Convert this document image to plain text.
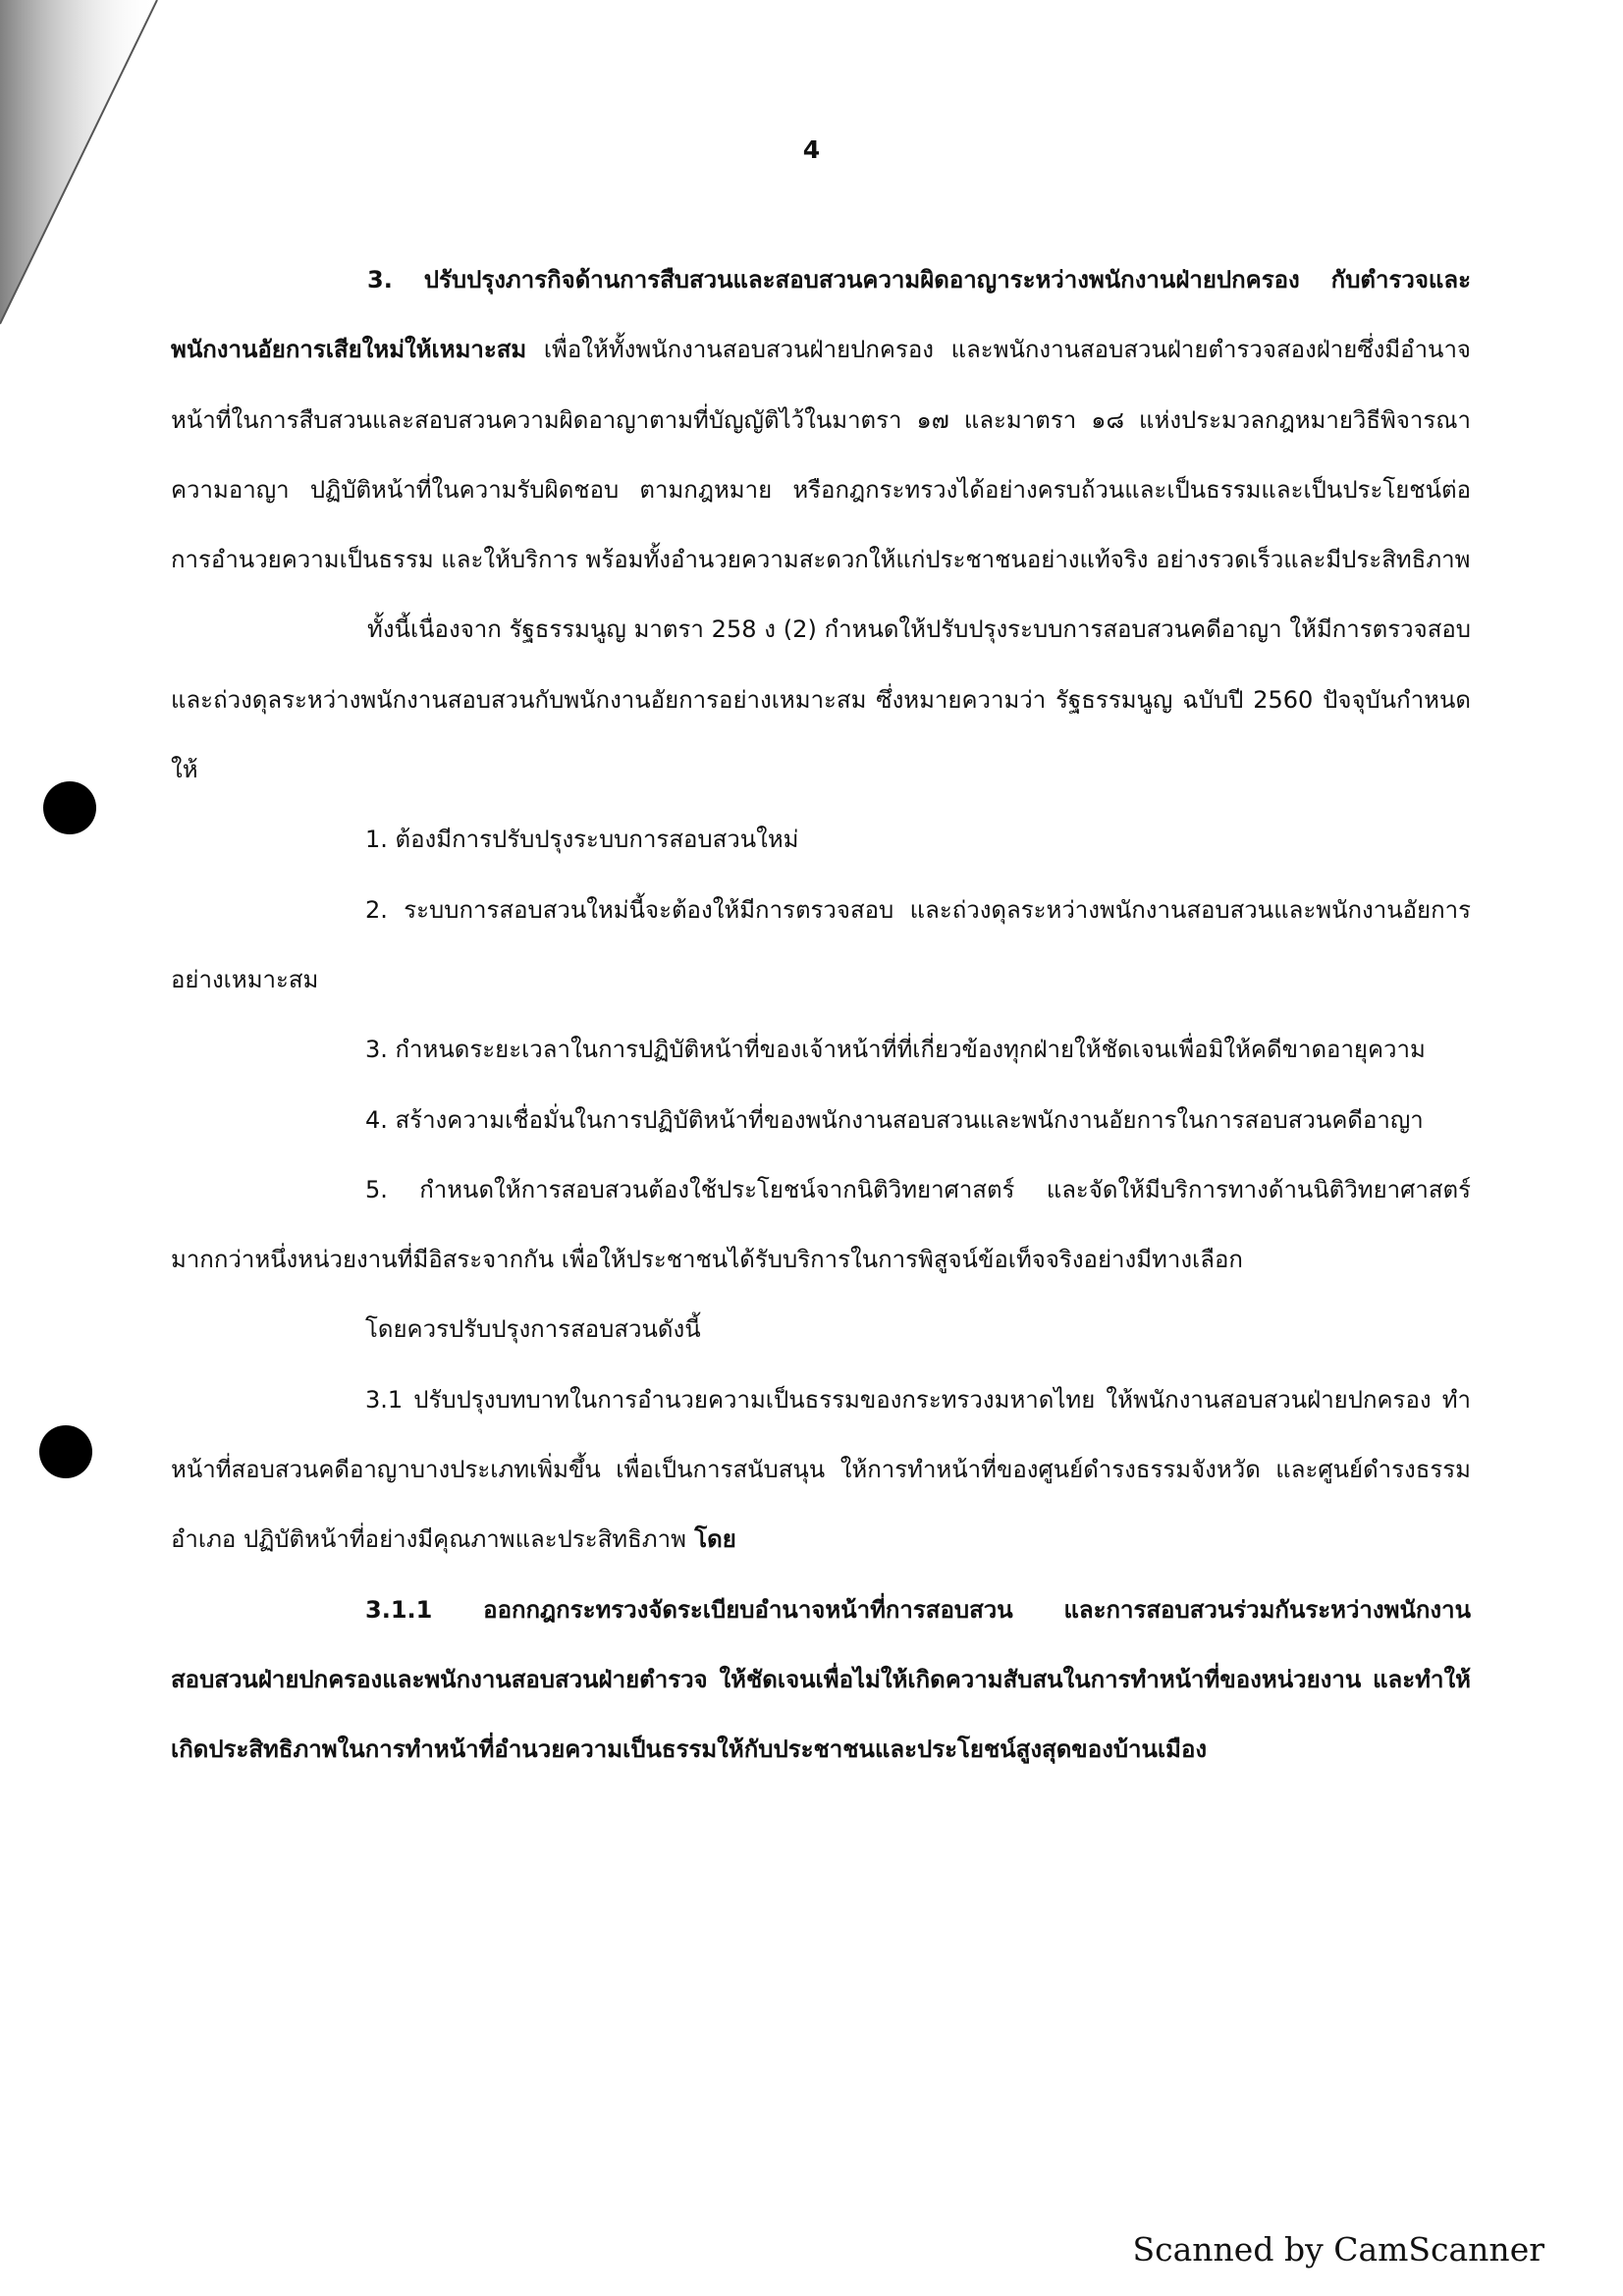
4

3. ปรับปรุงภารกิจด้านการสืบสวนและสอบสวนความผิดอาญาระหว่างพนักงานฝ่ายปกครอง กับตำรวจและพนักงานอัยการเสียใหม่ให้เหมาะสม เพื่อให้ทั้งพนักงานสอบสวนฝ่ายปกครอง และพนักงานสอบสวนฝ่ายตำรวจสองฝ่ายซึ่งมีอำนาจหน้าที่ในการสืบสวนและสอบสวนความผิดอาญาตามที่บัญญัติไว้ในมาตรา ๑๗ และมาตรา ๑๘ แห่งประมวลกฎหมายวิธีพิจารณาความอาญา ปฏิบัติหน้าที่ในความรับผิดชอบ ตามกฎหมาย หรือกฎกระทรวงได้อย่างครบถ้วนและเป็นธรรมและเป็นประโยชน์ต่อการอำนวยความเป็นธรรม และให้บริการ พร้อมทั้งอำนวยความสะดวกให้แก่ประชาชนอย่างแท้จริง อย่างรวดเร็วและมีประสิทธิภาพ

ทั้งนี้เนื่องจาก รัฐธรรมนูญ มาตรา 258 ง (2) กำหนดให้ปรับปรุงระบบการสอบสวนคดีอาญา ให้มีการตรวจสอบและถ่วงดุลระหว่างพนักงานสอบสวนกับพนักงานอัยการอย่างเหมาะสม ซึ่งหมายความว่า รัฐธรรมนูญ ฉบับปี 2560 ปัจจุบันกำหนดให้

1. ต้องมีการปรับปรุงระบบการสอบสวนใหม่

2. ระบบการสอบสวนใหม่นี้จะต้องให้มีการตรวจสอบ และถ่วงดุลระหว่างพนักงานสอบสวนและพนักงานอัยการอย่างเหมาะสม

3. กำหนดระยะเวลาในการปฏิบัติหน้าที่ของเจ้าหน้าที่ที่เกี่ยวข้องทุกฝ่ายให้ชัดเจนเพื่อมิให้คดีขาดอายุความ

4. สร้างความเชื่อมั่นในการปฏิบัติหน้าที่ของพนักงานสอบสวนและพนักงานอัยการในการสอบสวนคดีอาญา

5. กำหนดให้การสอบสวนต้องใช้ประโยชน์จากนิติวิทยาศาสตร์ และจัดให้มีบริการทางด้านนิติวิทยาศาสตร์ มากกว่าหนึ่งหน่วยงานที่มีอิสระจากกัน เพื่อให้ประชาชนได้รับบริการในการพิสูจน์ข้อเท็จจริงอย่างมีทางเลือก

โดยควรปรับปรุงการสอบสวนดังนี้

3.1 ปรับปรุงบทบาทในการอำนวยความเป็นธรรมของกระทรวงมหาดไทย ให้พนักงานสอบสวนฝ่ายปกครอง ทำหน้าที่สอบสวนคดีอาญาบางประเภทเพิ่มขึ้น เพื่อเป็นการสนับสนุน ให้การทำหน้าที่ของศูนย์ดำรงธรรมจังหวัด และศูนย์ดำรงธรรมอำเภอ ปฏิบัติหน้าที่อย่างมีคุณภาพและประสิทธิภาพ โดย

3.1.1 ออกกฎกระทรวงจัดระเบียบอำนาจหน้าที่การสอบสวน และการสอบสวนร่วมกันระหว่างพนักงานสอบสวนฝ่ายปกครองและพนักงานสอบสวนฝ่ายตำรวจ ให้ชัดเจนเพื่อไม่ให้เกิดความสับสนในการทำหน้าที่ของหน่วยงาน และทำให้เกิดประสิทธิภาพในการทำหน้าที่อำนวยความเป็นธรรมให้กับประชาชนและประโยชน์สูงสุดของบ้านเมือง

Scanned by CamScanner
